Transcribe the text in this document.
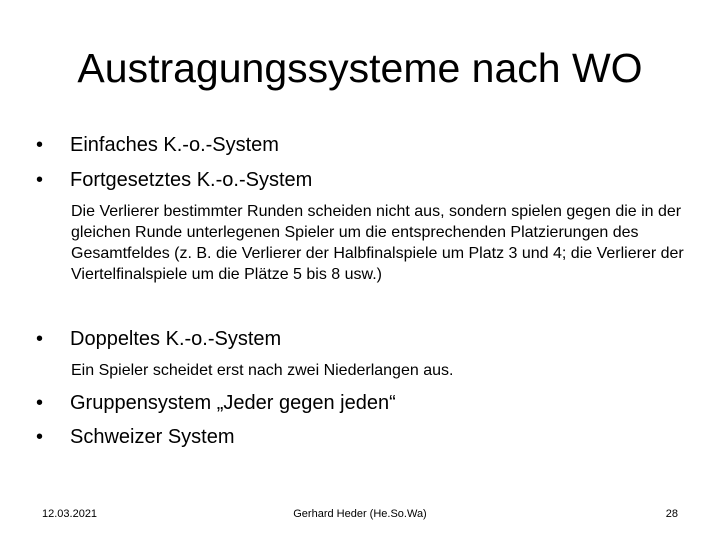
Austragungssysteme nach WO
• Einfaches K.-o.-System
• Fortgesetztes K.-o.-System
Die Verlierer bestimmter Runden scheiden nicht aus, sondern spielen gegen die in der gleichen Runde unterlegenen Spieler um die entsprechenden Platzierungen des Gesamtfeldes (z. B. die Verlierer der Halbfinalspiele um Platz 3 und 4; die Verlierer der Viertelfinalspiele um die Plätze 5 bis 8 usw.)
• Doppeltes K.-o.-System
Ein Spieler scheidet erst nach zwei Niederlangen aus.
• Gruppensystem „Jeder gegen jeden“
• Schweizer System
12.03.2021	Gerhard Heder (He.So.Wa)	28
